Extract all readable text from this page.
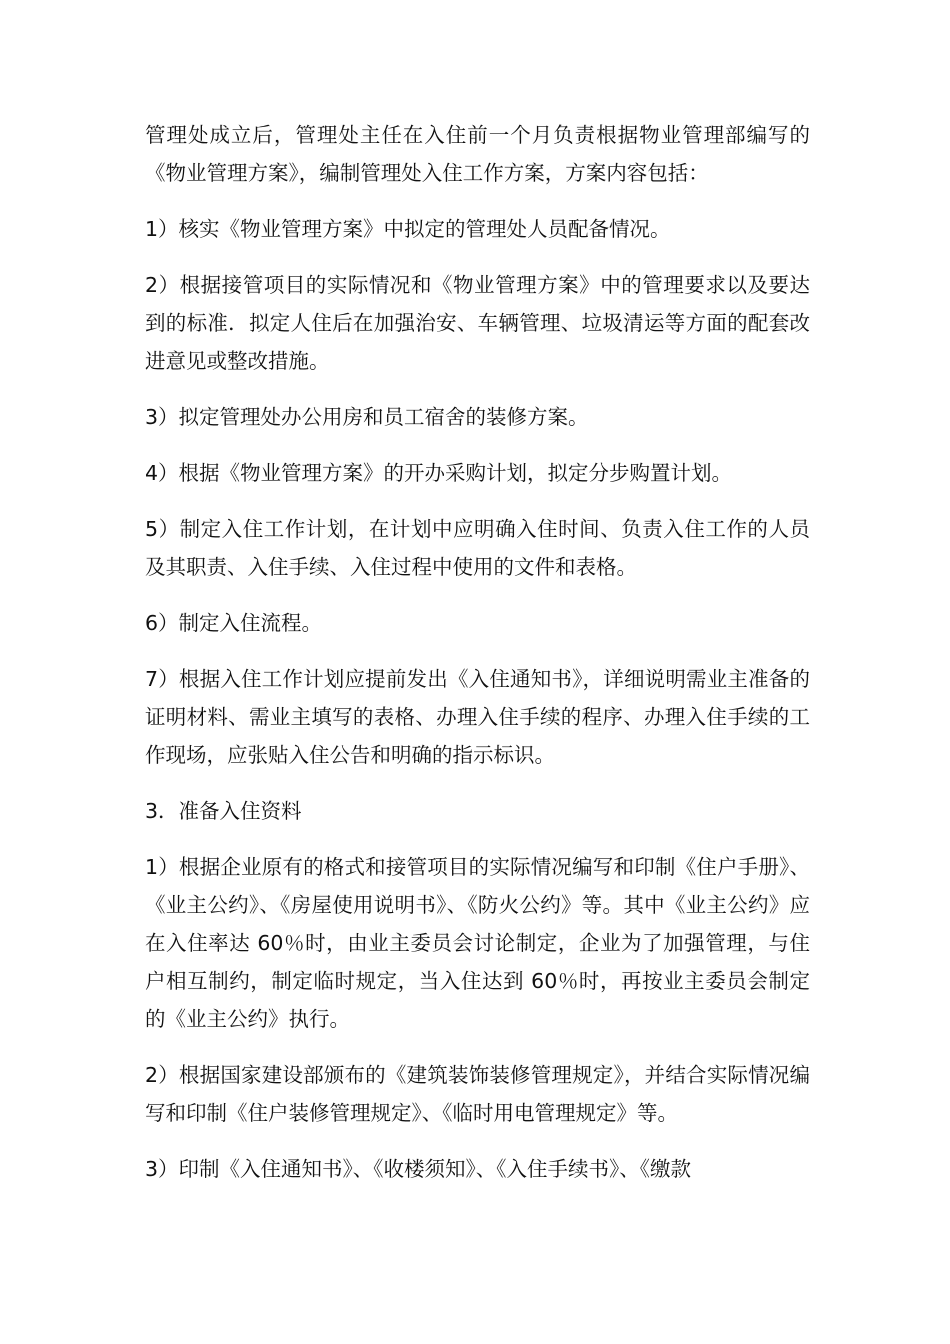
管理处成立后，管理处主任在入住前一个月负责根据物业管理部编写的《物业管理方案》，编制管理处入住工作方案，方案内容包括：

1）核实《物业管理方案》中拟定的管理处人员配备情况。

2）根据接管项目的实际情况和《物业管理方案》中的管理要求以及要达到的标准．拟定人住后在加强治安、车辆管理、垃圾清运等方面的配套改进意见或整改措施。

3）拟定管理处办公用房和员工宿舍的装修方案。

4）根据《物业管理方案》的开办采购计划，拟定分步购置计划。

5）制定入住工作计划，在计划中应明确入住时间、负责入住工作的人员及其职责、入住手续、入住过程中使用的文件和表格。

6）制定入住流程。

7）根据入住工作计划应提前发出《入住通知书》，详细说明需业主准备的证明材料、需业主填写的表格、办理入住手续的程序、办理入住手续的工作现场，应张贴入住公告和明确的指示标识。

3．准备入住资料

1）根据企业原有的格式和接管项目的实际情况编写和印制《住户手册》、《业主公约》、《房屋使用说明书》、《防火公约》等。其中《业主公约》应在入住率达 60％时，由业主委员会讨论制定，企业为了加强管理，与住户相互制约，制定临时规定，当入住达到 60％时，再按业主委员会制定的《业主公约》执行。

2）根据国家建设部颁布的《建筑装饰装修管理规定》，并结合实际情况编写和印制《住户装修管理规定》、《临时用电管理规定》等。

3）印制《入住通知书》、《收楼须知》、《入住手续书》、《缴款
